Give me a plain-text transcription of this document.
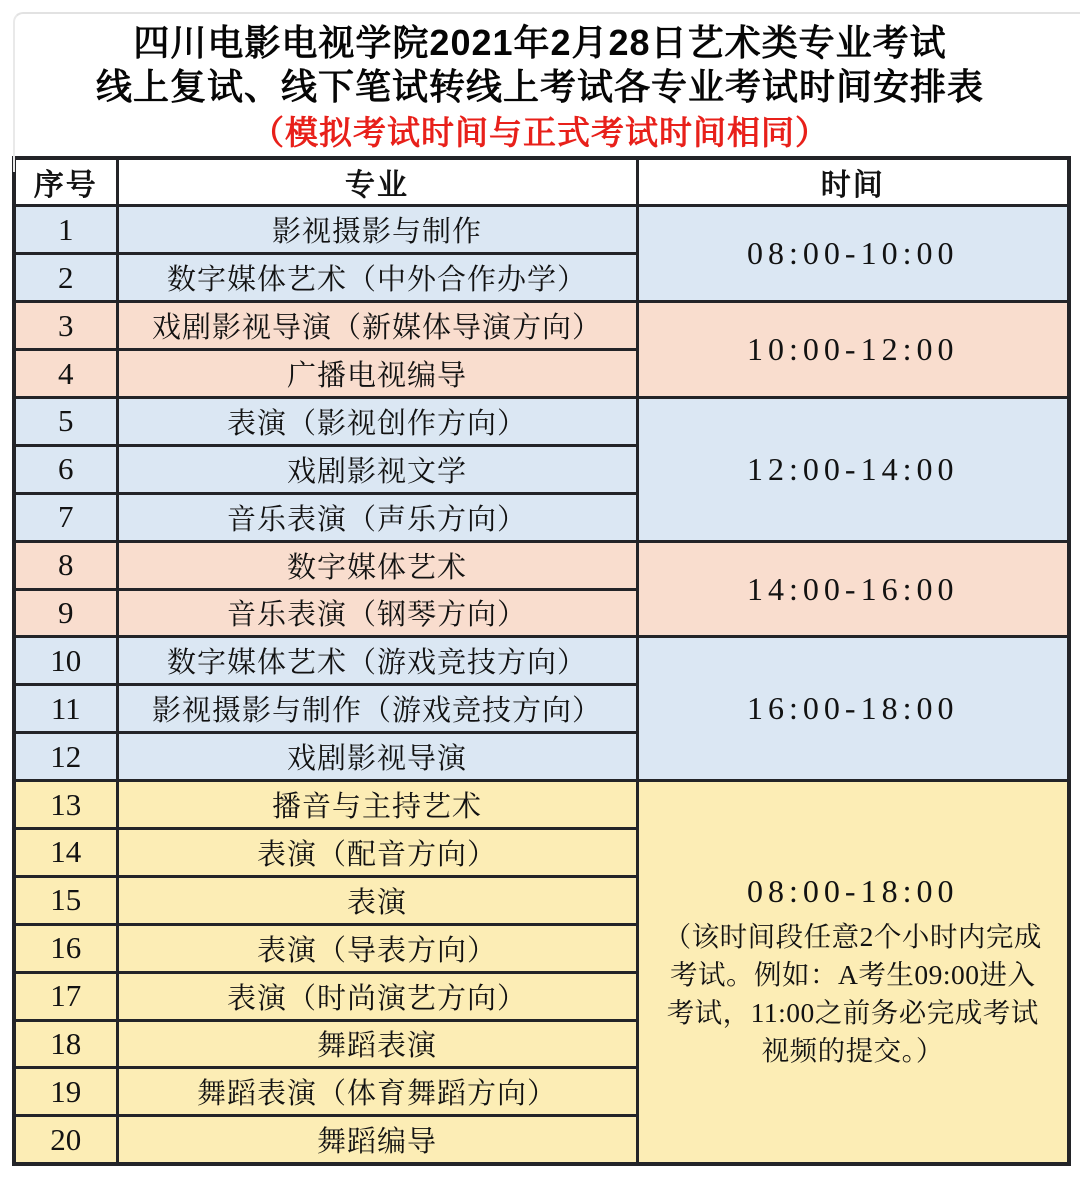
四川电影电视学院2021年2月28日艺术类专业考试
线上复试、线下笔试转线上考试各专业考试时间安排表
（模拟考试时间与正式考试时间相同）
序号	专业	时间
1	影视摄影与制作	08:00-10:00
2	数字媒体艺术（中外合作办学）	
3	戏剧影视导演（新媒体导演方向）	10:00-12:00
4	广播电视编导	
5	表演（影视创作方向）	12:00-14:00
6	戏剧影视文学	
7	音乐表演（声乐方向）	
8	数字媒体艺术	14:00-16:00
9	音乐表演（钢琴方向）	
10	数字媒体艺术（游戏竞技方向）	16:00-18:00
11	影视摄影与制作（游戏竞技方向）	
12	戏剧影视导演	
13	播音与主持艺术	08:00-18:00
（该时间段任意2个小时内完成
考试。例如：A考生09:00进入
考试，11:00之前务必完成考试
视频的提交。）

14	表演（配音方向）	
15	表演	
16	表演（导表方向）	
17	表演（时尚演艺方向）	
18	舞蹈表演	
19	舞蹈表演（体育舞蹈方向）	
20	舞蹈编导	
